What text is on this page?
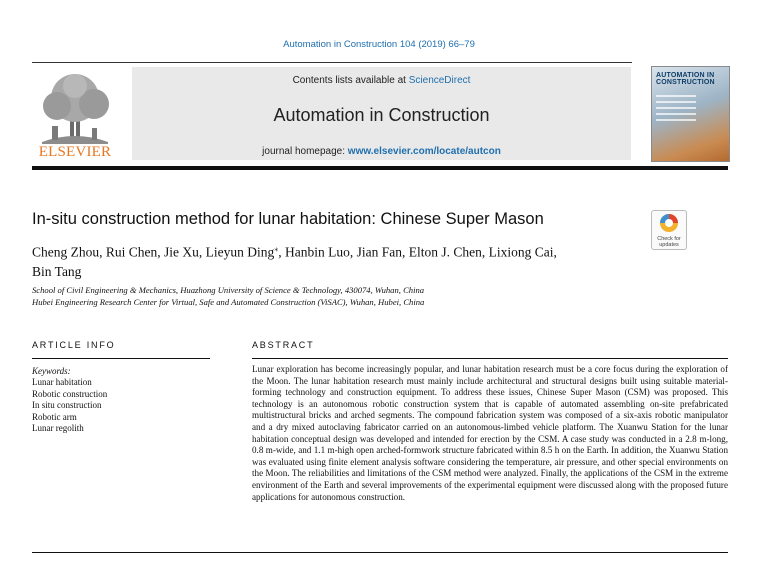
Automation in Construction 104 (2019) 66–79
ELSEVIER
Contents lists available at ScienceDirect
Automation in Construction
journal homepage: www.elsevier.com/locate/autcon
AUTOMATION IN CONSTRUCTION
In-situ construction method for lunar habitation: Chinese Super Mason
Check for
updates
Cheng Zhou, Rui Chen, Jie Xu, Lieyun Ding⁎, Hanbin Luo, Jian Fan, Elton J. Chen, Lixiong Cai,
Bin Tang
School of Civil Engineering & Mechanics, Huazhong University of Science & Technology, 430074, Wuhan, China
Hubei Engineering Research Center for Virtual, Safe and Automated Construction (ViSAC), Wuhan, Hubei, China
ARTICLE INFO	ABSTRACT
Keywords:
Lunar habitation
Robotic construction
In situ construction
Robotic arm
Lunar regolith

Lunar exploration has become increasingly popular, and lunar habitation research must be a core focus during the exploration of the Moon. The lunar habitation research must mainly include architectural and structural designs built using suitable material-forming technology and construction equipment. To address these issues, Chinese Super Mason (CSM) was proposed. This technology is an autonomous robotic construction system that is capable of automated assembling on-site prefabricated multistructural bricks and arched segments. The compound fabrication system was composed of a six-axis robotic manipulator and a dry mixed autoclaving fabricator carried on an autonomous-limbed vehicle platform. The Xuanwu Station for the lunar habitation conceptual design was developed and intended for erection by the CSM. A case study was conducted in a 2.8 m-long, 0.8 m-wide, and 1.1 m-high open arched-formwork structure fabricated within 8.5 h on the Earth. In addition, the Xuanwu Station was evaluated using finite element analysis software considering the temperature, air pressure, and other special environments on the Moon. The reliabilities and limitations of the CSM method were analyzed. Finally, the applications of the CSM in the extreme environment of the Earth and several improvements of the experimental equipment were discussed along with the proposed future applications for autonomous construction.
